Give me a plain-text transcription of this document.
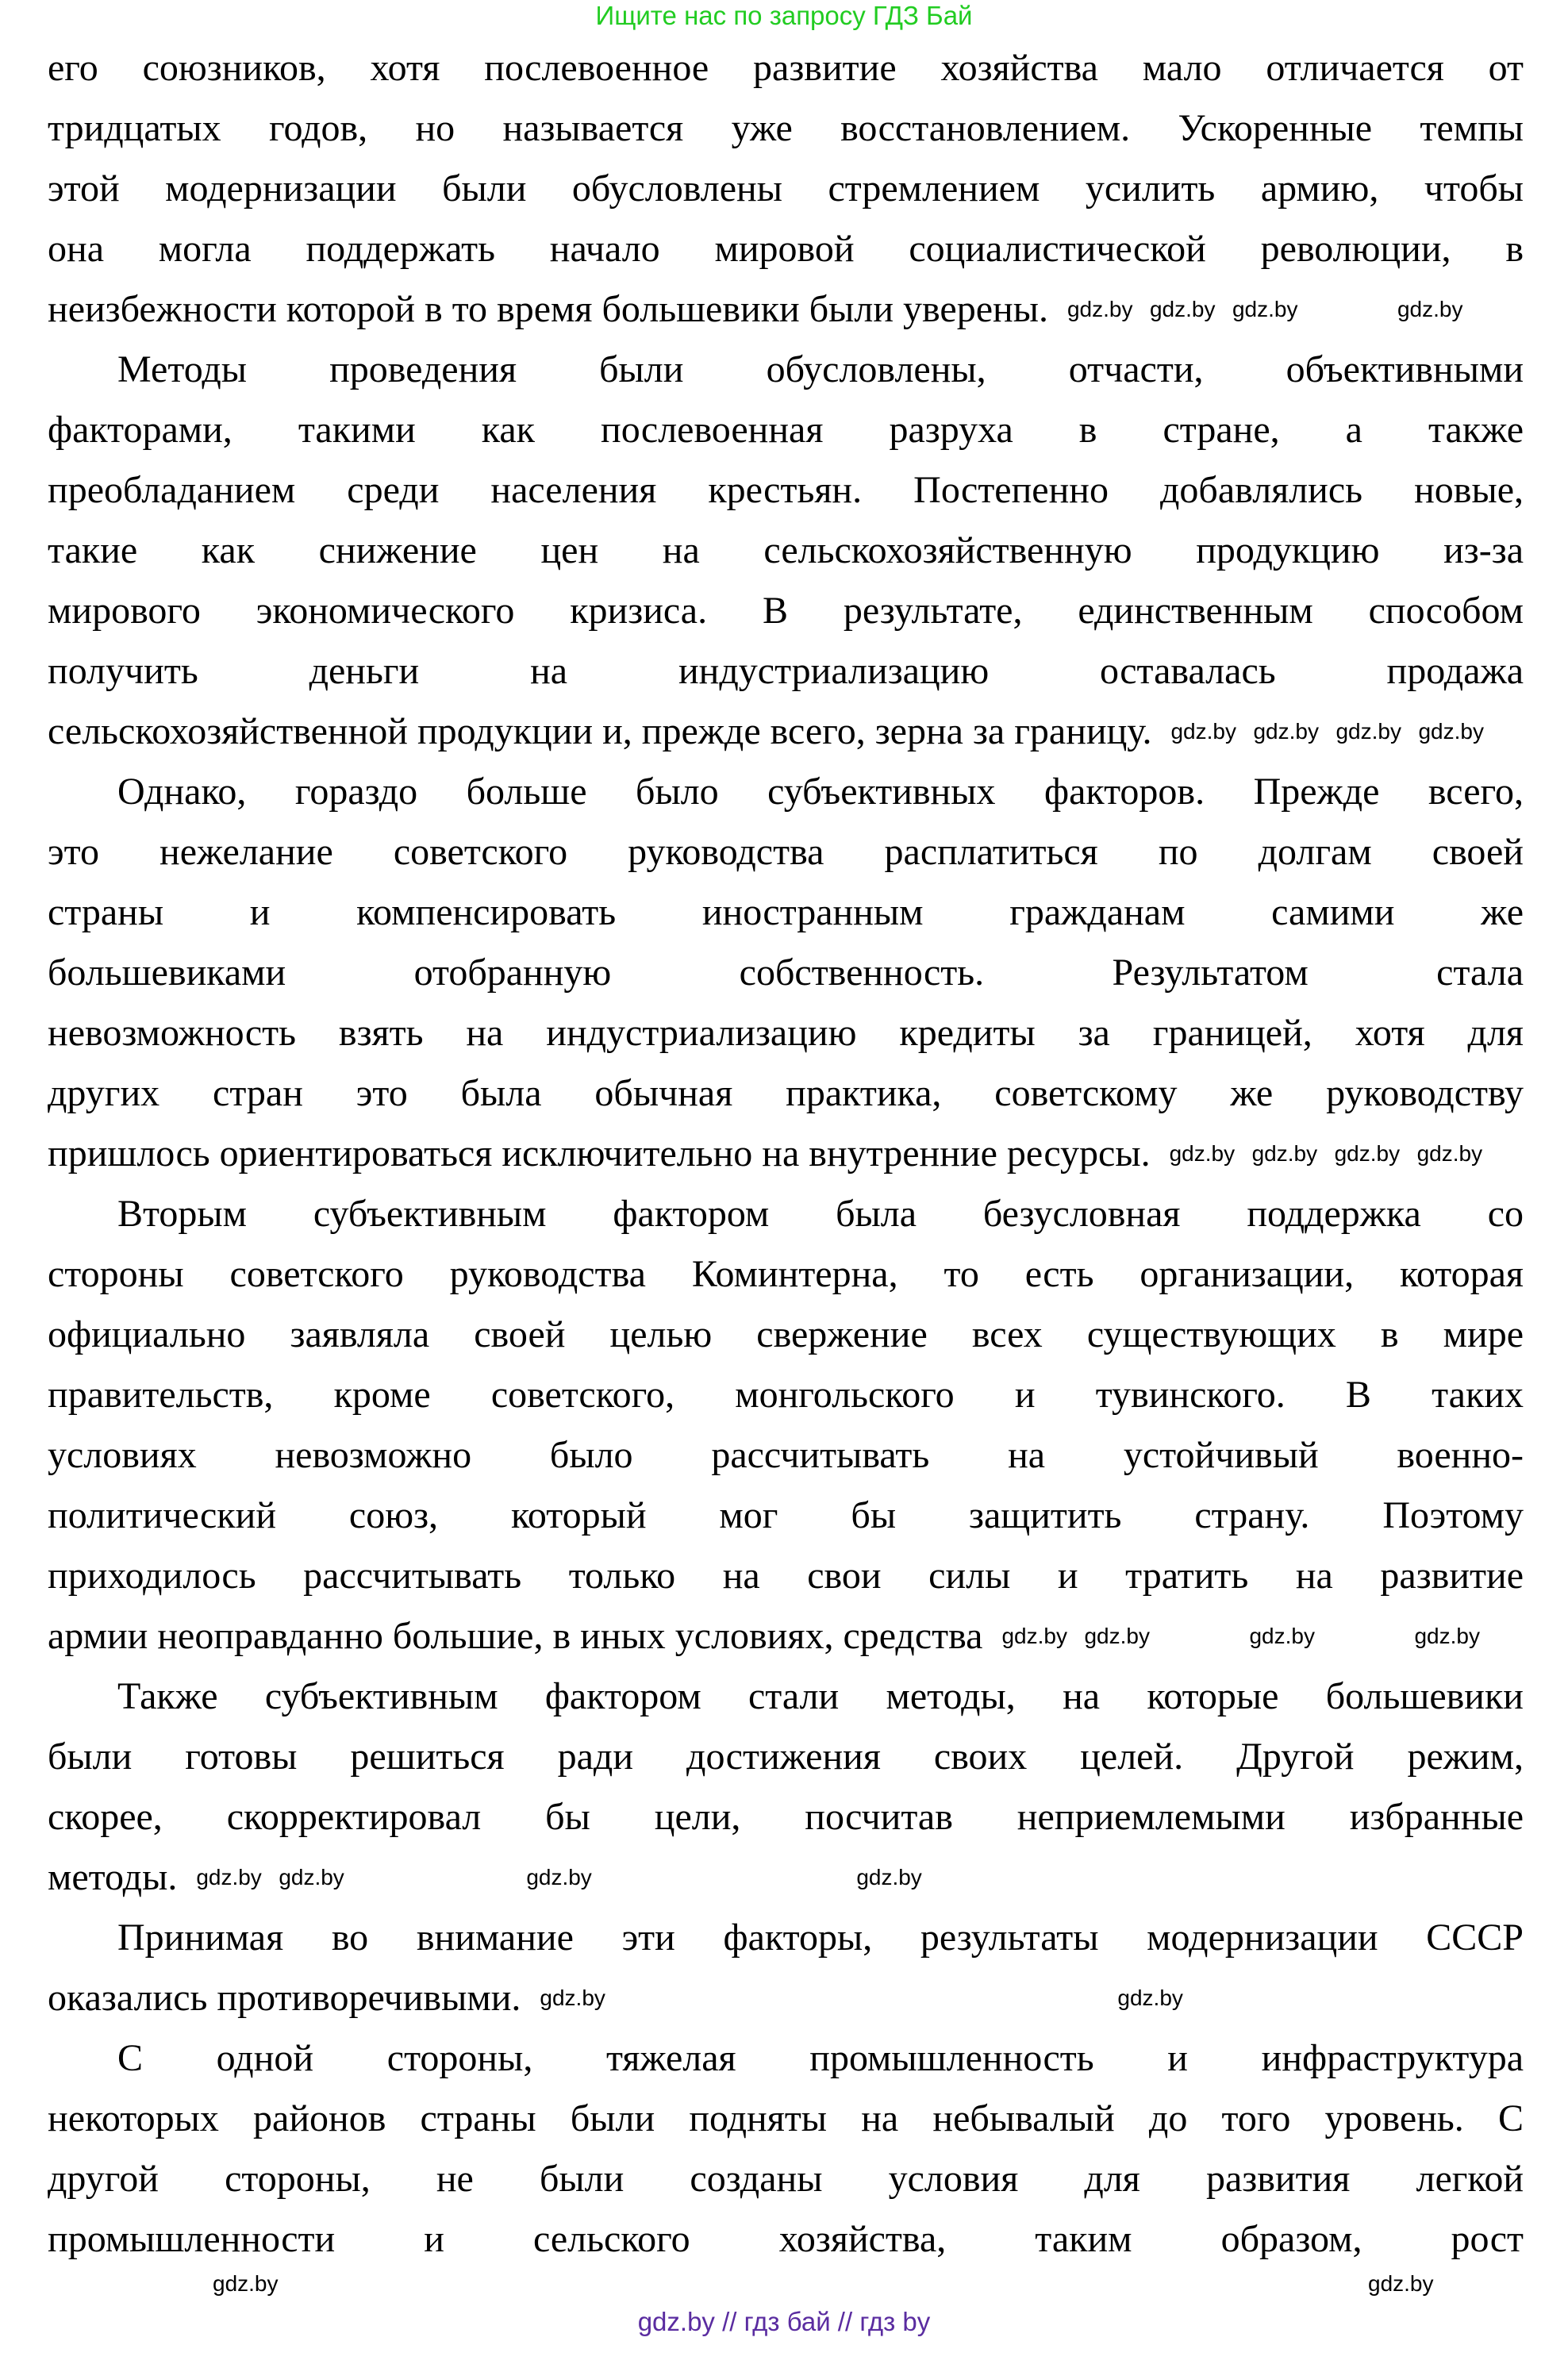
Ищите нас по запросу ГДЗ Бай
его союзников, хотя послевоенное развитие хозяйства мало отличается от
тридцатых годов, но называется уже восстановлением. Ускоренные темпы
этой модернизации были обусловлены стремлением усилить армию, чтобы
она могла поддержать начало мировой социалистической революции, в
неизбежности которой в то время большевики были уверены.
Методы проведения были обусловлены, отчасти, объективными
факторами, такими как послевоенная разруха в стране, а также
преобладанием среди населения крестьян. Постепенно добавлялись новые,
такие как снижение цен на сельскохозяйственную продукцию из-за
мирового экономического кризиса. В результате, единственным способом
получить деньги на индустриализацию оставалась продажа
сельскохозяйственной продукции и, прежде всего, зерна за границу.
Однако, гораздо больше было субъективных факторов. Прежде всего,
это нежелание советского руководства расплатиться по долгам своей
страны и компенсировать иностранным гражданам самими же
большевиками отобранную собственность. Результатом стала
невозможность взять на индустриализацию кредиты за границей, хотя для
других стран это была обычная практика, советскому же руководству
пришлось ориентироваться исключительно на внутренние ресурсы.
Вторым субъективным фактором была безусловная поддержка со
стороны советского руководства Коминтерна, то есть организации, которая
официально заявляла своей целью свержение всех существующих в мире
правительств, кроме советского, монгольского и тувинского. В таких
условиях невозможно было рассчитывать на устойчивый военно-
политический союз, который мог бы защитить страну. Поэтому
приходилось рассчитывать только на свои силы и тратить на развитие
армии неоправданно большие, в иных условиях, средства
Также субъективным фактором стали методы, на которые большевики
были готовы решиться ради достижения своих целей. Другой режим,
скорее, скорректировал бы цели, посчитав неприемлемыми избранные
методы.
Принимая во внимание эти факторы, результаты модернизации СССР
оказались противоречивыми.
С одной стороны, тяжелая промышленность и инфраструктура
некоторых районов страны были подняты на небывалый до того уровень. С
другой стороны, не были созданы условия для развития легкой
промышленности и сельского хозяйства, таким образом, рост
gdz.by	gdz.by
gdz.by gdz.by
gdz.by gdz.by gdz.by gdz.by
gdz.by
gdz.by gdz.by	gdz.by
gdz.by	gdz.by
gdz.by
gdz.by
gdz.by
gdz.by
gdz.by
gdz.by
gdz.by	gdz.by
gdz.by
gdz.by
gdz.by // гдз бай // гдз by
